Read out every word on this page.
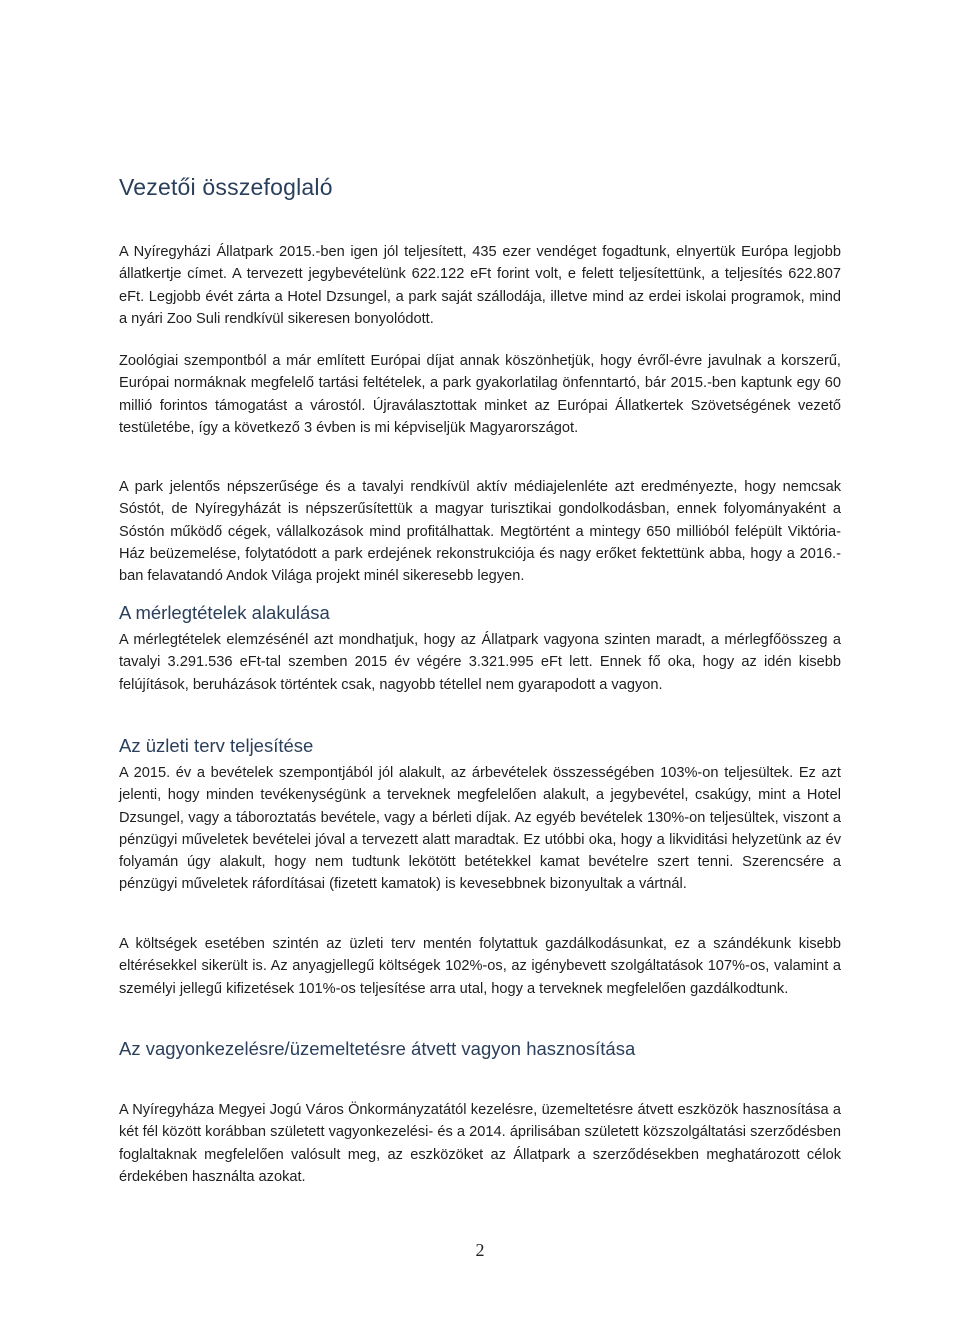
Vezetői összefoglaló

A Nyíregyházi Állatpark 2015.-ben igen jól teljesített, 435 ezer vendéget fogadtunk, elnyertük Európa legjobb állatkertje címet. A tervezett jegybevételünk 622.122 eFt forint volt, e felett teljesítettünk, a teljesítés 622.807 eFt. Legjobb évét zárta a Hotel Dzsungel, a park saját szállodája, illetve mind az erdei iskolai programok, mind a nyári Zoo Suli rendkívül sikeresen bonyolódott.

Zoológiai szempontból a már említett Európai díjat annak köszönhetjük, hogy évről-évre javulnak a korszerű, Európai normáknak megfelelő tartási feltételek, a park gyakorlatilag önfenntartó, bár 2015.-ben kaptunk egy 60 millió forintos támogatást a várostól. Újraválasztottak minket az Európai Állatkertek Szövetségének vezető testületébe, így a következő 3 évben is mi képviseljük Magyarországot.

A park jelentős népszerűsége és a tavalyi rendkívül aktív médiajelenléte azt eredményezte, hogy nemcsak Sóstót, de Nyíregyházát is népszerűsítettük a magyar turisztikai gondolkodásban, ennek folyományaként a Sóstón működő cégek, vállalkozások mind profitálhattak. Megtörtént a mintegy 650 millióból felépült Viktória-Ház beüzemelése, folytatódott a park erdejének rekonstrukciója és nagy erőket fektettünk abba, hogy a 2016.-ban felavatandó Andok Világa projekt minél sikeresebb legyen.

A mérlegtételek alakulása

A mérlegtételek elemzésénél azt mondhatjuk, hogy az Állatpark vagyona szinten maradt, a mérlegfőösszeg a tavalyi 3.291.536 eFt-tal szemben 2015 év végére 3.321.995 eFt lett. Ennek fő oka, hogy az idén kisebb felújítások, beruházások történtek csak, nagyobb tétellel nem gyarapodott a vagyon.

Az üzleti terv teljesítése

A 2015. év a bevételek szempontjából jól alakult, az árbevételek összességében 103%-on teljesültek. Ez azt jelenti, hogy minden tevékenységünk a terveknek megfelelően alakult, a jegybevétel, csakúgy, mint a Hotel Dzsungel, vagy a táboroztatás bevétele, vagy a bérleti díjak. Az egyéb bevételek 130%-on teljesültek, viszont a pénzügyi műveletek bevételei jóval a tervezett alatt maradtak. Ez utóbbi oka, hogy a likviditási helyzetünk az év folyamán úgy alakult, hogy nem tudtunk lekötött betétekkel kamat bevételre szert tenni. Szerencsére a pénzügyi műveletek ráfordításai (fizetett kamatok) is kevesebbnek bizonyultak a vártnál.

A költségek esetében szintén az üzleti terv mentén folytattuk gazdálkodásunkat, ez a szándékunk kisebb eltérésekkel sikerült is. Az anyagjellegű költségek 102%-os, az igénybevett szolgáltatások 107%-os, valamint a személyi jellegű kifizetések 101%-os teljesítése arra utal, hogy a terveknek megfelelően gazdálkodtunk.

Az vagyonkezelésre/üzemeltetésre átvett vagyon hasznosítása

A Nyíregyháza Megyei Jogú Város Önkormányzatától kezelésre, üzemeltetésre átvett eszközök hasznosítása a két fél között korábban született vagyonkezelési- és a 2014. áprilisában született közszolgáltatási szerződésben foglaltaknak megfelelően valósult meg, az eszközöket az Állatpark a szerződésekben meghatározott célok érdekében használta azokat.

2
